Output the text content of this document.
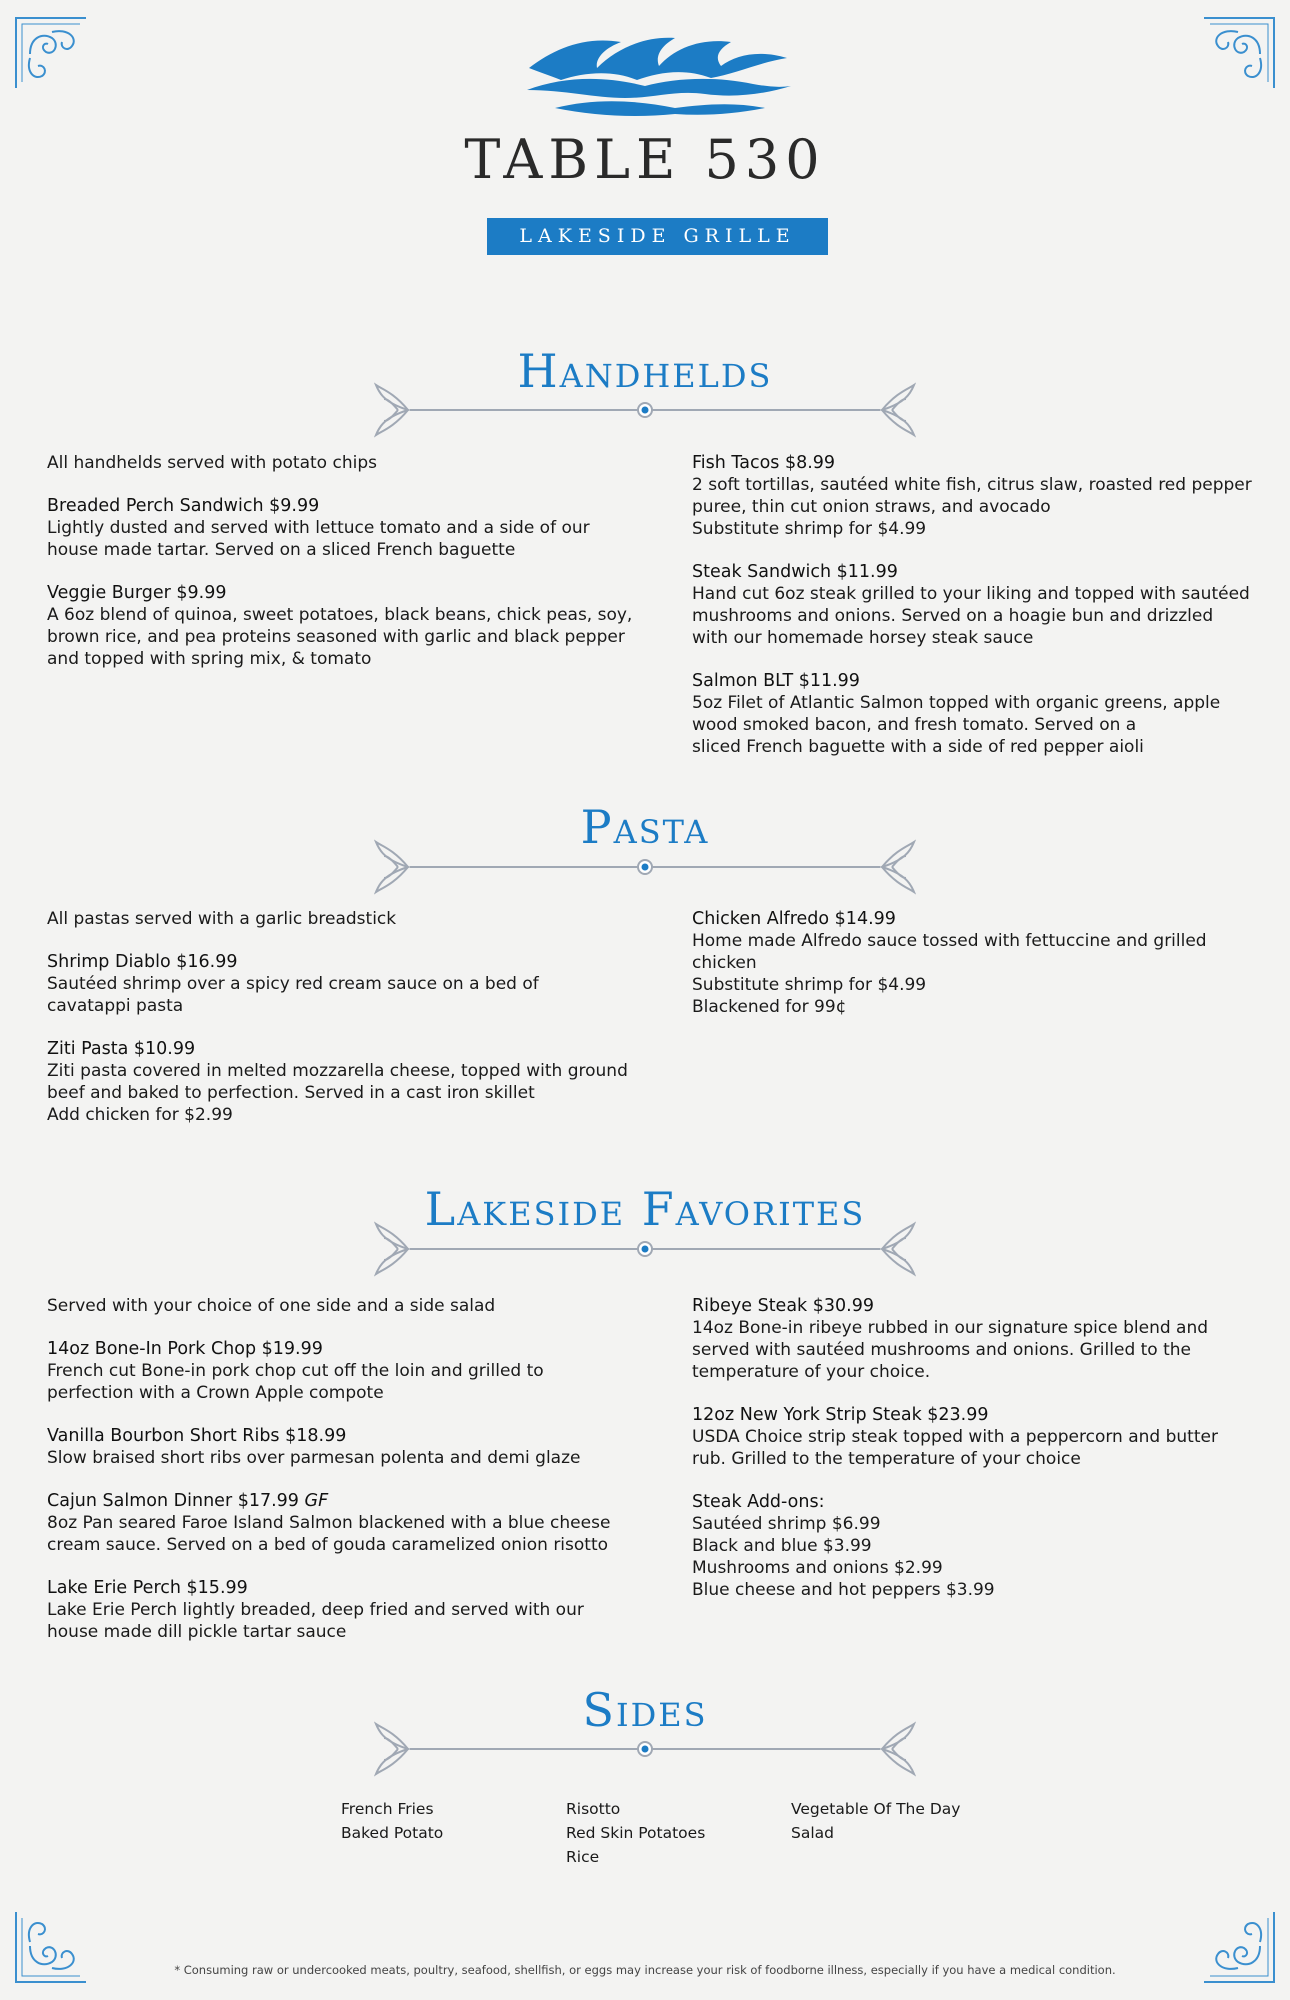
TABLE 530
LAKESIDE GRILLE
Handhelds
All handhelds served with potato chips
Breaded Perch Sandwich $9.99
Lightly dusted and served with lettuce tomato and a side of our
house made tartar. Served on a sliced French baguette
Veggie Burger $9.99
A 6oz blend of quinoa, sweet potatoes, black beans, chick peas, soy,
brown rice, and pea proteins seasoned with garlic and black pepper
and topped with spring mix, & tomato
Fish Tacos $8.99
2 soft tortillas, sautéed white fish, citrus slaw, roasted red pepper
puree, thin cut onion straws, and avocado
Substitute shrimp for $4.99
Steak Sandwich $11.99
Hand cut 6oz steak grilled to your liking and topped with sautéed
mushrooms and onions. Served on a hoagie bun and drizzled
with our homemade horsey steak sauce
Salmon BLT $11.99
5oz Filet of Atlantic Salmon topped with organic greens, apple
wood smoked bacon, and fresh tomato. Served on a
sliced French baguette with a side of red pepper aioli
Pasta
All pastas served with a garlic breadstick
Shrimp Diablo $16.99
Sautéed shrimp over a spicy red cream sauce on a bed of
cavatappi pasta
Ziti Pasta $10.99
Ziti pasta covered in melted mozzarella cheese, topped with ground
beef and baked to perfection. Served in a cast iron skillet
Add chicken for $2.99
Chicken Alfredo $14.99
Home made Alfredo sauce tossed with fettuccine and grilled
chicken
Substitute shrimp for $4.99
Blackened for 99¢
Lakeside Favorites
Served with your choice of one side and a side salad
14oz Bone-In Pork Chop $19.99
French cut Bone-in pork chop cut off the loin and grilled to
perfection with a Crown Apple compote
Vanilla Bourbon Short Ribs $18.99
Slow braised short ribs over parmesan polenta and demi glaze
Cajun Salmon Dinner $17.99 GF
8oz Pan seared Faroe Island Salmon blackened with a blue cheese
cream sauce. Served on a bed of gouda caramelized onion risotto
Lake Erie Perch $15.99
Lake Erie Perch lightly breaded, deep fried and served with our
house made dill pickle tartar sauce
Ribeye Steak $30.99
14oz Bone-in ribeye rubbed in our signature spice blend and
served with sautéed mushrooms and onions. Grilled to the
temperature of your choice.
12oz New York Strip Steak $23.99
USDA Choice strip steak topped with a peppercorn and butter
rub. Grilled to the temperature of your choice
Steak Add-ons:
Sautéed shrimp $6.99
Black and blue $3.99
Mushrooms and onions $2.99
Blue cheese and hot peppers $3.99
Sides
French Fries
Baked Potato
Risotto
Red Skin Potatoes
Rice
Vegetable Of The Day
Salad
* Consuming raw or undercooked meats, poultry, seafood, shellfish, or eggs may increase your risk of foodborne illness, especially if you have a medical condition.
